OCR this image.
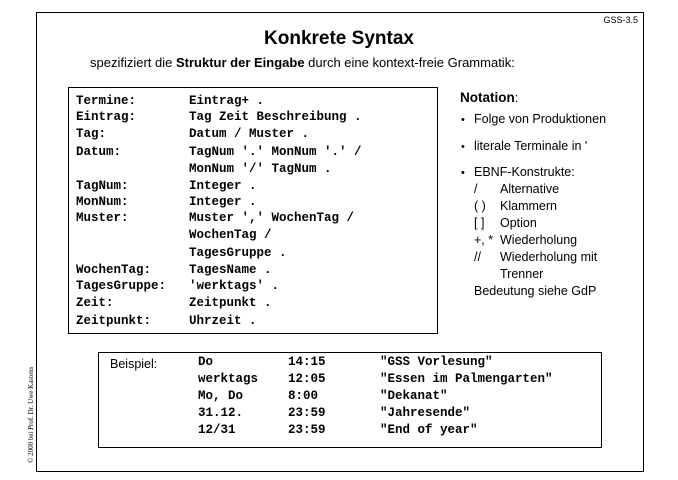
GSS-3.5
Konkrete Syntax
spezifiziert die Struktur der Eingabe durch eine kontext-freie Grammatik:
Termine:	Eintrag+ .
Eintrag:	Tag Zeit Beschreibung .
Tag:	Datum / Muster .
Datum:	TagNum '.' MonNum '.' /
MonNum '/' TagNum .
TagNum:	Integer .
MonNum:	Integer .
Muster:	Muster ',' WochenTag /
WochenTag /
TagesGruppe .
WochenTag:	TagesName .
TagesGruppe: 'werktags' .
Zeit:	Zeitpunkt .
Zeitpunkt:	Uhrzeit .
Notation:
• Folge von Produktionen
• literale Terminale in '
• EBNF-Konstrukte:
/ Alternative
( ) Klammern
[ ] Option
+, * Wiederholung
// Wiederholung mit
Trenner
Bedeutung siehe GdP
Beispiel:	Do	14:15	"GSS Vorlesung"
werktags 12:05	"Essen im Palmengarten"
Mo, Do	8:00	"Dekanat"
31.12.	23:59	"Jahresende"
12/31	23:59	"End of year"
© 2000 bei Prof. Dr. Uwe Kastens
